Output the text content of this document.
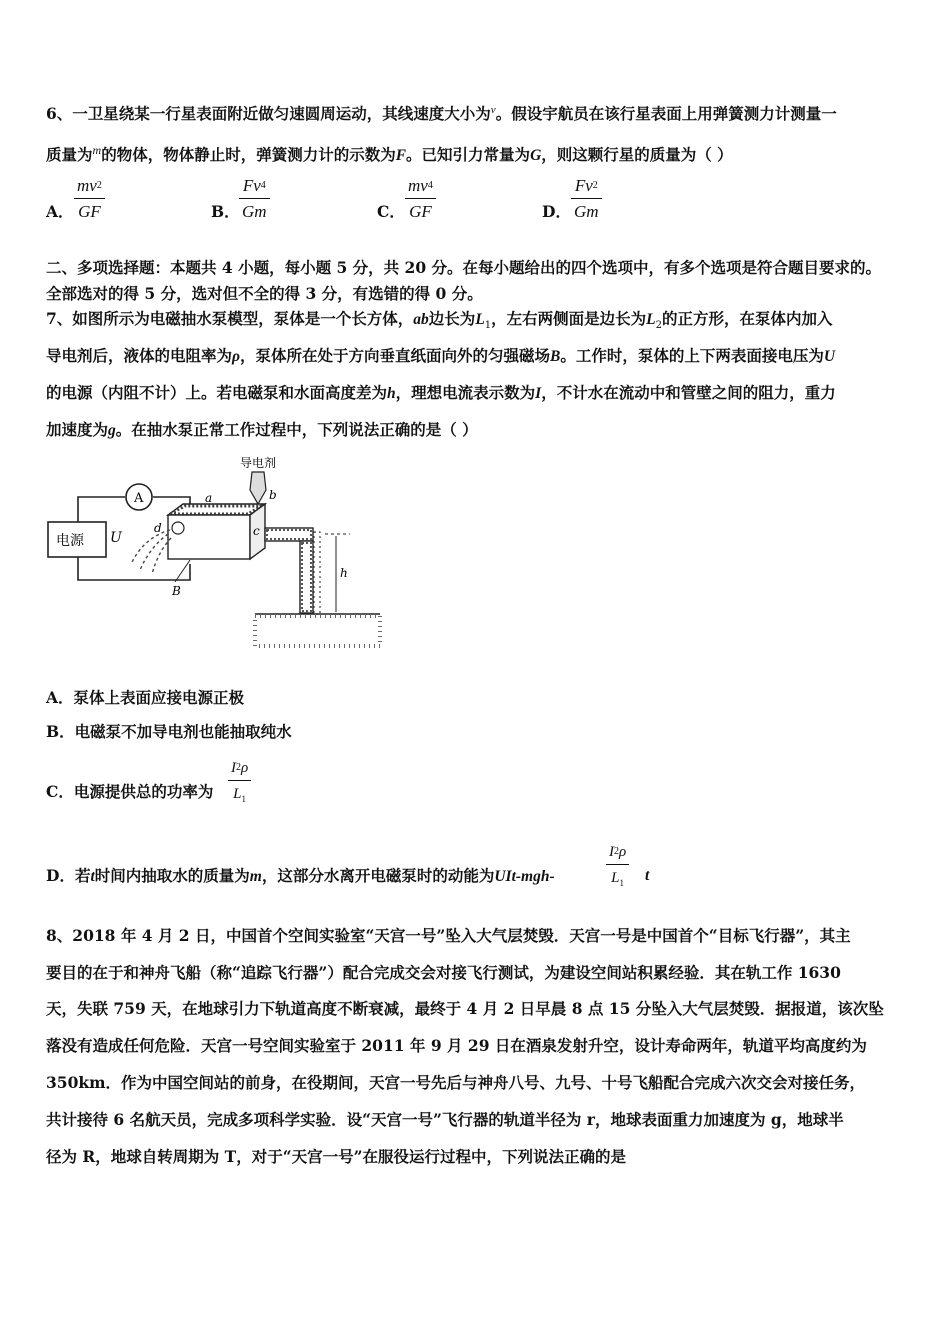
6、一卫星绕某一行星表面附近做匀速圆周运动，其线速度大小为$^v$。假设宇航员在该行星表面上用弹簧测力计测量一
质量为$^m$的物体，物体静止时，弹簧测力计的示数为F。已知引力常量为G，则这颗行星的质量为（ ）
A．
$mv^2$
GF	B．
Fv$^4$
Gm	C．
$mv^4$
GF	D．
Fv$^2$
Gm
二、多项选择题：本题共 4 小题，每小题 5 分，共 20 分。在每小题给出的四个选项中，有多个选项是符合题目要求的。
全部选对的得 5 分，选对但不全的得 3 分，有选错的得 0 分。
7、如图所示为电磁抽水泵模型，泵体是一个长方体，ab边长为$L_1$，左右两侧面是边长为$L_2$的正方形，在泵体内加入
导电剂后，液体的电阻率为ρ，泵体所在处于方向垂直纸面向外的匀强磁场B。工作时，泵体的上下两表面接电压为U
的电源（内阻不计）上。若电磁泵和水面高度差为h，理想电流表示数为I，不计水在流动中和管壁之间的阻力，重力
加速度为g。在抽水泵正常工作过程中，下列说法正确的是（ ）
电源 U
A	a
c
d
B
导电剂
b
h
A．泵体上表面应接电源正极
B．电磁泵不加导电剂也能抽取纯水
C．电源提供总的功率为
$I^2\rho$
$L_1$
D．若t时间内抽取水的质量为m，这部分水离开电磁泵时的动能为UIt-mgh-
$I^2\rho$
$L_1$	t
8、2018 年 4 月 2 日，中国首个空间实验室“天宫一号”坠入大气层焚毁．天宫一号是中国首个“目标飞行器”，其主
要目的在于和神舟飞船（称“追踪飞行器”）配合完成交会对接飞行测试，为建设空间站积累经验．其在轨工作 1630
天，失联 759 天，在地球引力下轨道高度不断衰减，最终于 4 月 2 日早晨 8 点 15 分坠入大气层焚毁．据报道，该次坠
落没有造成任何危险．天宫一号空间实验室于 2011 年 9 月 29 日在酒泉发射升空，设计寿命两年，轨道平均高度约为
350km．作为中国空间站的前身，在役期间，天宫一号先后与神舟八号、九号、十号飞船配合完成六次交会对接任务，
共计接待 6 名航天员，完成多项科学实验．设“天宫一号”飞行器的轨道半径为 r，地球表面重力加速度为 g，地球半
径为 R，地球自转周期为 T，对于“天宫一号”在服役运行过程中，下列说法正确的是
